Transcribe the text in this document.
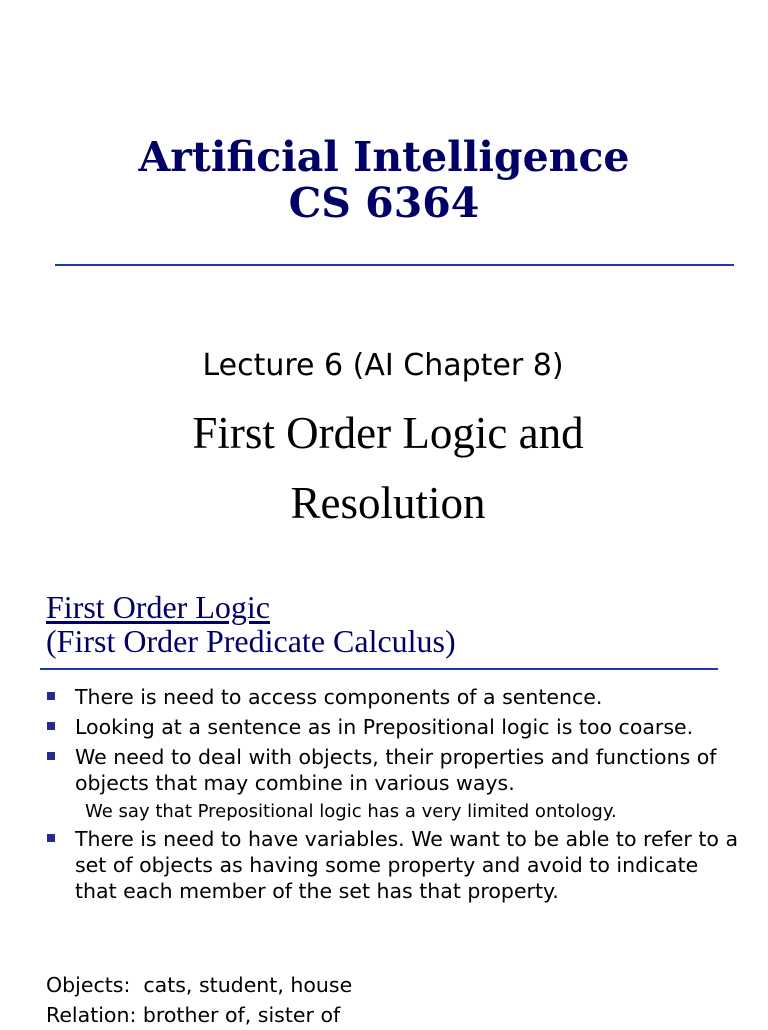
Artificial Intelligence
CS 6364
Lecture 6 (AI Chapter 8)
First Order Logic and
Resolution
First Order Logic
(First Order Predicate Calculus)
There is need to access components of a sentence.
Looking at a sentence as in Prepositional logic is too coarse.
We need to deal with objects, their properties and functions of objects that may combine in various ways.
We say that Prepositional logic has a very limited ontology.
There is need to have variables. We want to be able to refer to a set of objects as having some property and avoid to indicate that each member of the set has that property.
Objects:  cats, student, house
Relation: brother of, sister of
